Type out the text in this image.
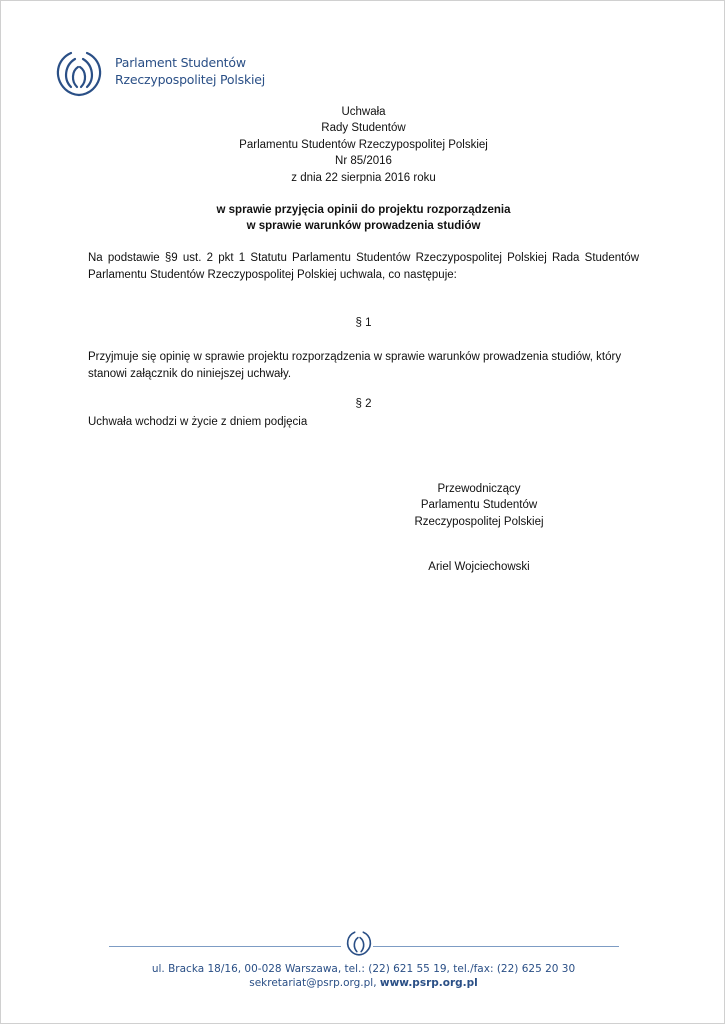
Parlament Studentów
Rzeczypospolitej Polskiej
Uchwała
Rady Studentów
Parlamentu Studentów Rzeczypospolitej Polskiej
Nr 85/2016
z dnia 22 sierpnia 2016 roku
w sprawie przyjęcia opinii do projektu rozporządzenia
w sprawie warunków prowadzenia studiów
Na podstawie §9 ust. 2 pkt 1 Statutu Parlamentu Studentów Rzeczypospolitej Polskiej Rada Studentów Parlamentu Studentów Rzeczypospolitej Polskiej uchwala, co następuje:
§ 1
Przyjmuje się opinię w sprawie projektu rozporządzenia w sprawie warunków prowadzenia studiów, który stanowi załącznik do niniejszej uchwały.
§ 2
Uchwała wchodzi w życie z dniem podjęcia
Przewodniczący
Parlamentu Studentów
Rzeczypospolitej Polskiej
Ariel Wojciechowski
ul. Bracka 18/16, 00-028 Warszawa, tel.: (22) 621 55 19, tel./fax: (22) 625 20 30
sekretariat@psrp.org.pl, www.psrp.org.pl
